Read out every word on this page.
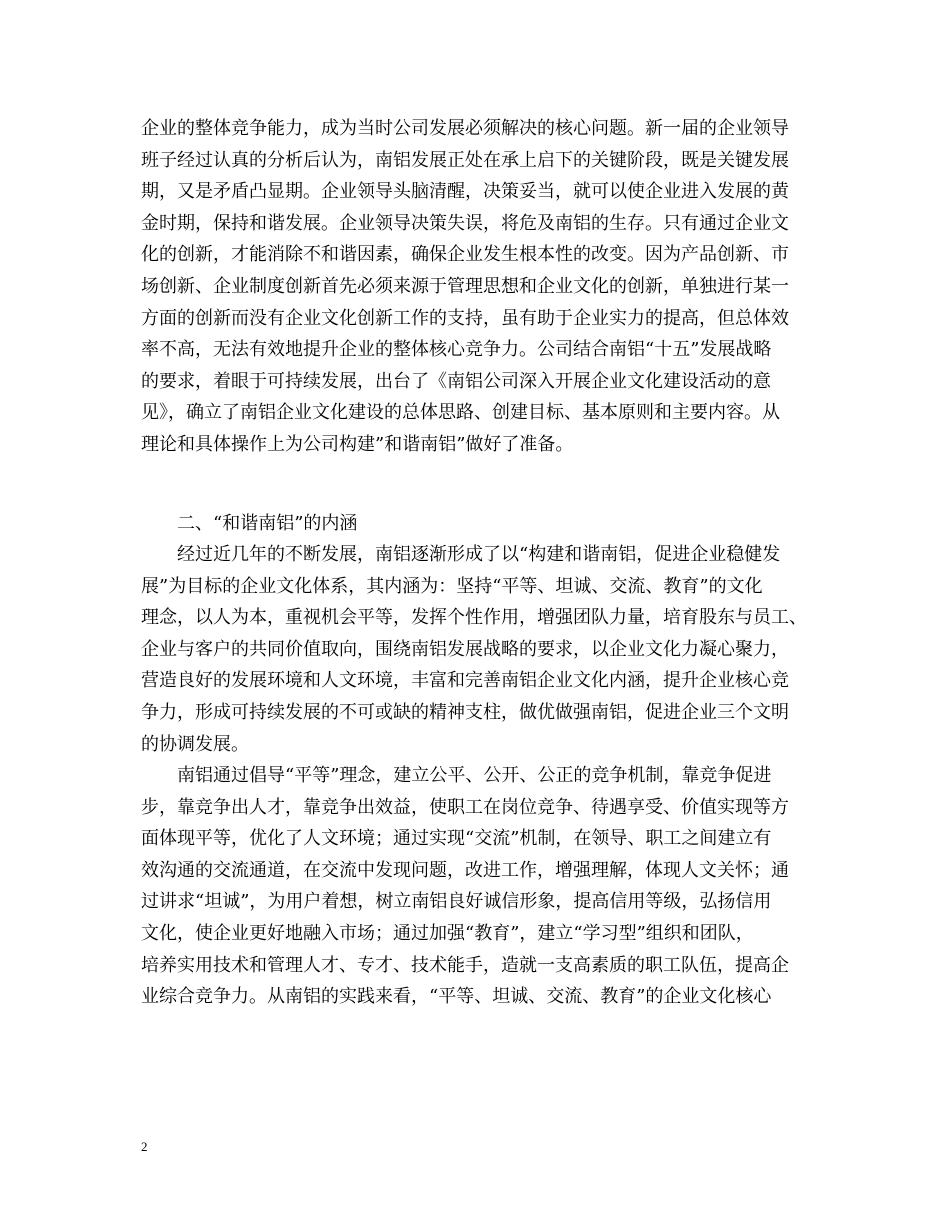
企业的整体竞争能力，成为当时公司发展必须解决的核心问题。新一届的企业领导
班子经过认真的分析后认为，南铝发展正处在承上启下的关键阶段，既是关键发展
期，又是矛盾凸显期。企业领导头脑清醒，决策妥当，就可以使企业进入发展的黄
金时期，保持和谐发展。企业领导决策失误，将危及南铝的生存。只有通过企业文
化的创新，才能消除不和谐因素，确保企业发生根本性的改变。因为产品创新、市
场创新、企业制度创新首先必须来源于管理思想和企业文化的创新，单独进行某一
方面的创新而没有企业文化创新工作的支持，虽有助于企业实力的提高，但总体效
率不高，无法有效地提升企业的整体核心竞争力。公司结合南铝“十五”发展战略
的要求，着眼于可持续发展，出台了《南铝公司深入开展企业文化建设活动的意
见》，确立了南铝企业文化建设的总体思路、创建目标、基本原则和主要内容。从
理论和具体操作上为公司构建”和谐南铝”做好了准备。
二、“和谐南铝”的内涵
经过近几年的不断发展，南铝逐渐形成了以“构建和谐南铝，促进企业稳健发
展”为目标的企业文化体系，其内涵为：坚持“平等、坦诚、交流、教育”的文化
理念，以人为本，重视机会平等，发挥个性作用，增强团队力量，培育股东与员工、
企业与客户的共同价值取向，围绕南铝发展战略的要求，以企业文化力凝心聚力，
营造良好的发展环境和人文环境，丰富和完善南铝企业文化内涵，提升企业核心竞
争力，形成可持续发展的不可或缺的精神支柱，做优做强南铝，促进企业三个文明
的协调发展。
南铝通过倡导“平等”理念，建立公平、公开、公正的竞争机制，靠竞争促进
步，靠竞争出人才，靠竞争出效益，使职工在岗位竞争、待遇享受、价值实现等方
面体现平等，优化了人文环境；通过实现“交流”机制，在领导、职工之间建立有
效沟通的交流通道，在交流中发现问题，改进工作，增强理解，体现人文关怀；通
过讲求“坦诚”，为用户着想，树立南铝良好诚信形象，提高信用等级，弘扬信用
文化，使企业更好地融入市场；通过加强“教育”，建立“学习型”组织和团队，
培养实用技术和管理人才、专才、技术能手，造就一支高素质的职工队伍，提高企
业综合竞争力。从南铝的实践来看，“平等、坦诚、交流、教育”的企业文化核心
2
